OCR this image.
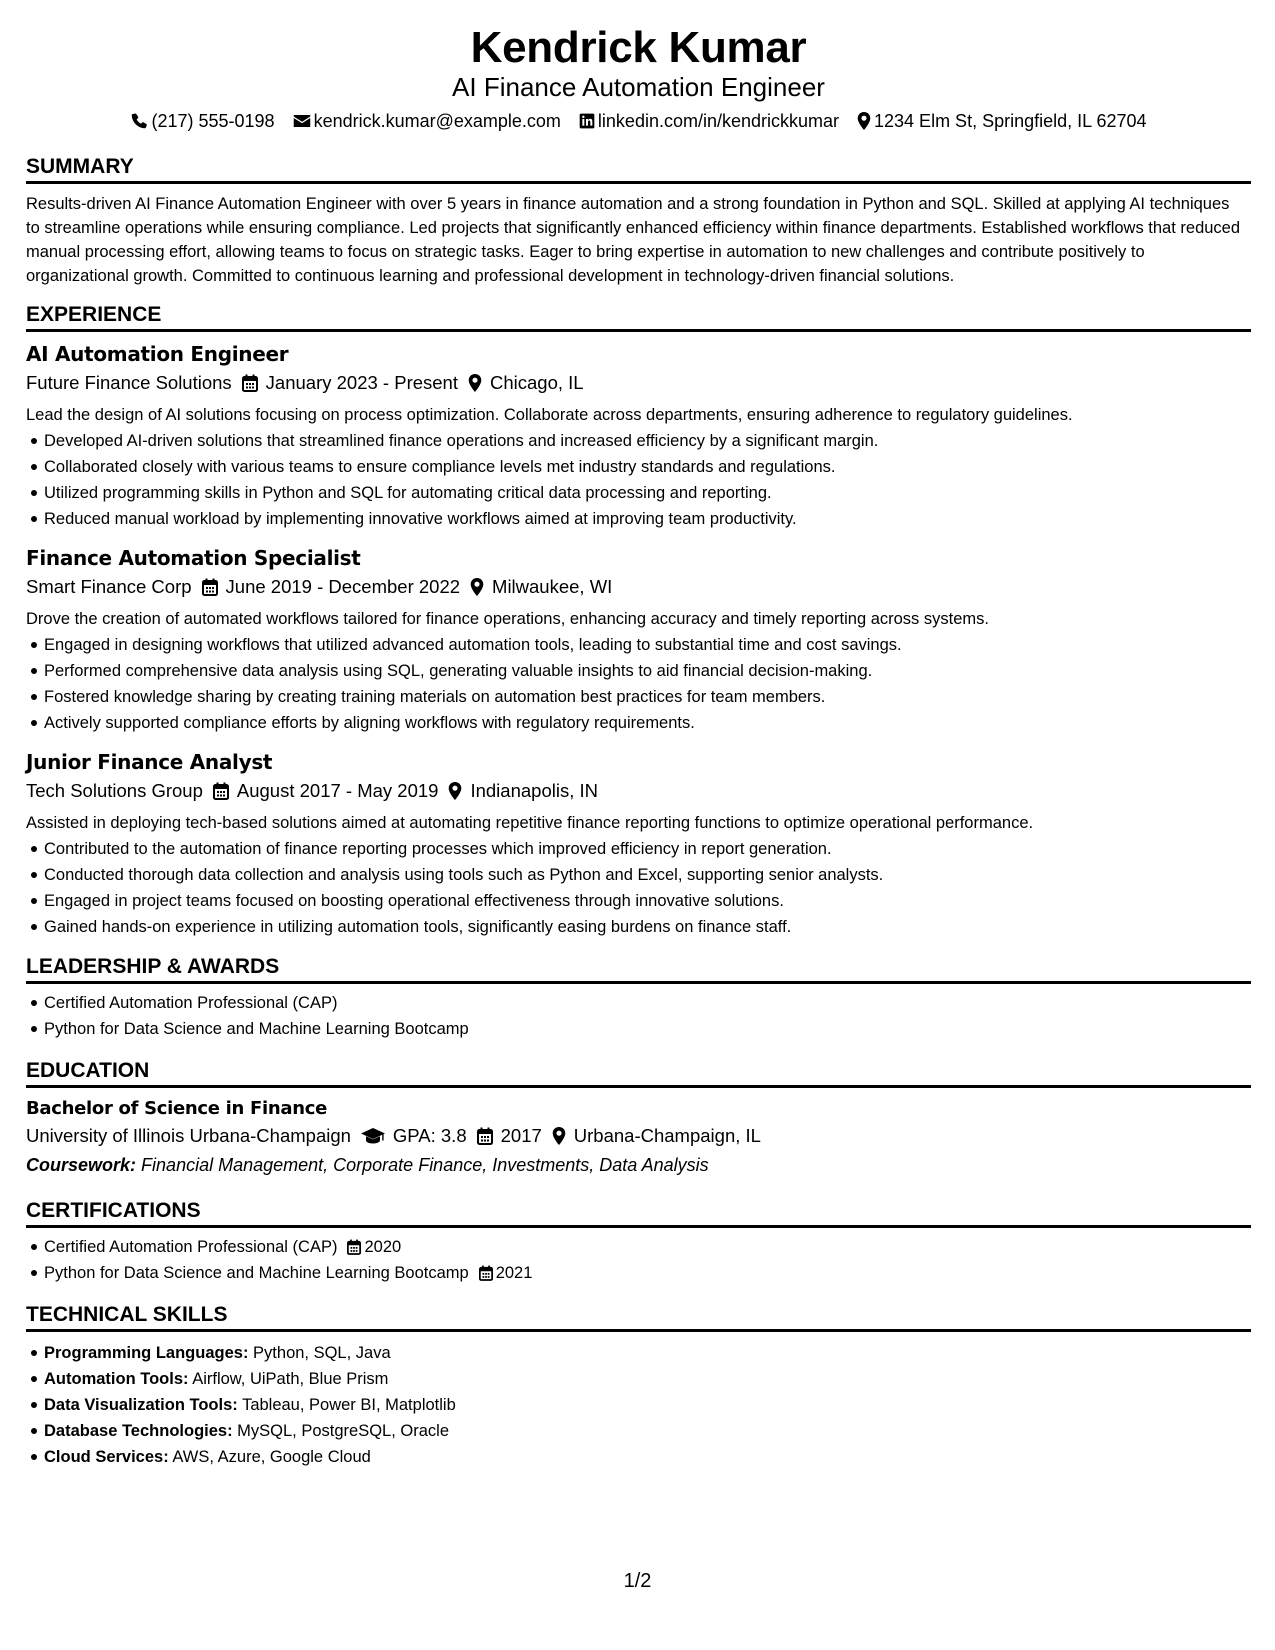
Kendrick Kumar
AI Finance Automation Engineer
(217) 555-0198 kendrick.kumar@example.com linkedin.com/in/kendrickkumar 1234 Elm St, Springfield, IL 62704
SUMMARY
Results-driven AI Finance Automation Engineer with over 5 years in finance automation and a strong foundation in Python and SQL. Skilled at applying AI techniques to streamline operations while ensuring compliance. Led projects that significantly enhanced efficiency within finance departments. Established workflows that reduced manual processing effort, allowing teams to focus on strategic tasks. Eager to bring expertise in automation to new challenges and contribute positively to organizational growth. Committed to continuous learning and professional development in technology-driven financial solutions.
EXPERIENCE
AI Automation Engineer
Future Finance Solutions January 2023 - Present Chicago, IL
Lead the design of AI solutions focusing on process optimization. Collaborate across departments, ensuring adherence to regulatory guidelines.
Developed AI-driven solutions that streamlined finance operations and increased efficiency by a significant margin.
Collaborated closely with various teams to ensure compliance levels met industry standards and regulations.
Utilized programming skills in Python and SQL for automating critical data processing and reporting.
Reduced manual workload by implementing innovative workflows aimed at improving team productivity.
Finance Automation Specialist
Smart Finance Corp June 2019 - December 2022 Milwaukee, WI
Drove the creation of automated workflows tailored for finance operations, enhancing accuracy and timely reporting across systems.
Engaged in designing workflows that utilized advanced automation tools, leading to substantial time and cost savings.
Performed comprehensive data analysis using SQL, generating valuable insights to aid financial decision-making.
Fostered knowledge sharing by creating training materials on automation best practices for team members.
Actively supported compliance efforts by aligning workflows with regulatory requirements.
Junior Finance Analyst
Tech Solutions Group August 2017 - May 2019 Indianapolis, IN
Assisted in deploying tech-based solutions aimed at automating repetitive finance reporting functions to optimize operational performance.
Contributed to the automation of finance reporting processes which improved efficiency in report generation.
Conducted thorough data collection and analysis using tools such as Python and Excel, supporting senior analysts.
Engaged in project teams focused on boosting operational effectiveness through innovative solutions.
Gained hands-on experience in utilizing automation tools, significantly easing burdens on finance staff.
LEADERSHIP & AWARDS
Certified Automation Professional (CAP)
Python for Data Science and Machine Learning Bootcamp
EDUCATION
Bachelor of Science in Finance
University of Illinois Urbana-Champaign GPA: 3.8 2017 Urbana-Champaign, IL
Coursework: Financial Management, Corporate Finance, Investments, Data Analysis
CERTIFICATIONS
Certified Automation Professional (CAP) 2020
Python for Data Science and Machine Learning Bootcamp 2021
TECHNICAL SKILLS
Programming Languages: Python, SQL, Java
Automation Tools: Airflow, UiPath, Blue Prism
Data Visualization Tools: Tableau, Power BI, Matplotlib
Database Technologies: MySQL, PostgreSQL, Oracle
Cloud Services: AWS, Azure, Google Cloud
1/2
